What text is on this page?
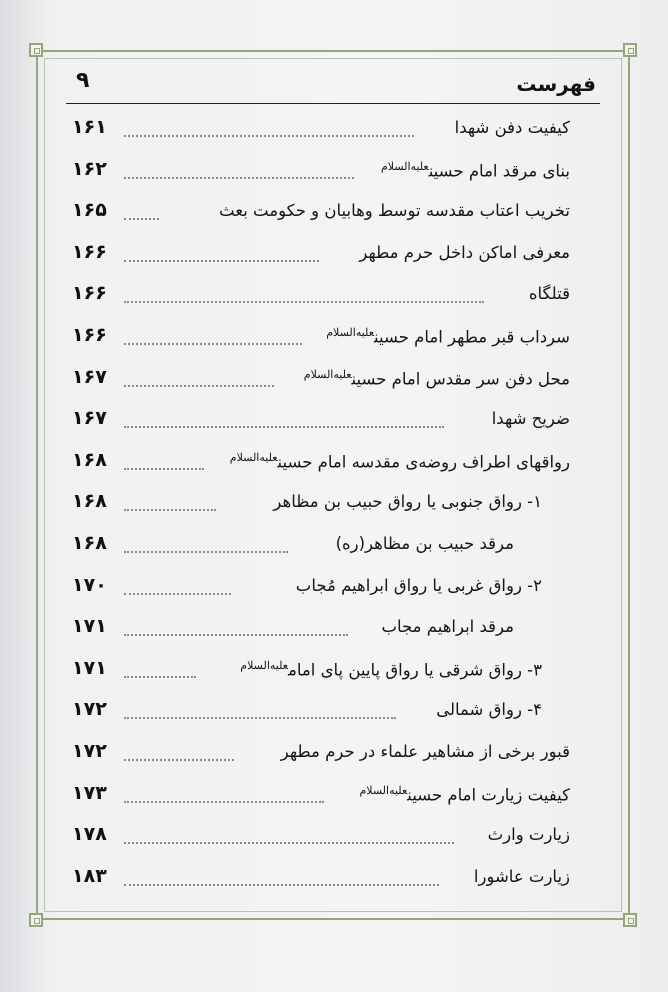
فهرست
۹
کیفیت دفن شهدا
۱۶۱
بنای مرقد امام حسین$^{علیه‌السلام}$
۱۶۲
تخریب اعتاب مقدسه توسط وهابیان و حکومت بعث
۱۶۵
معرفی اماکن داخل حرم مطهر
۱۶۶
قتلگاه
۱۶۶
سرداب قبر مطهر امام حسین$^{علیه‌السلام}$
۱۶۶
محل دفن سر مقدس امام حسین$^{علیه‌السلام}$
۱۶۷
ضریح شهدا
۱۶۷
رواقهای اطراف روضه‌ی مقدسه امام حسین$^{علیه‌السلام}$
۱۶۸
۱- رواق جنوبی یا رواق حبیب بن مظاهر
۱۶۸
مرقد حبیب بن مظاهر(ره)
۱۶۸
۲- رواق غربی یا رواق ابراهیم مُجاب
۱۷۰
مرقد ابراهیم مجاب
۱۷۱
۳- رواق شرقی یا رواق پایین پای امام$^{علیه‌السلام}$
۱۷۱
۴- رواق شمالی
۱۷۲
قبور برخی از مشاهیر علماء در حرم مطهر
۱۷۲
کیفیت زیارت امام حسین$^{علیه‌السلام}$
۱۷۳
زیارت وارث
۱۷۸
زیارت عاشورا
۱۸۳
